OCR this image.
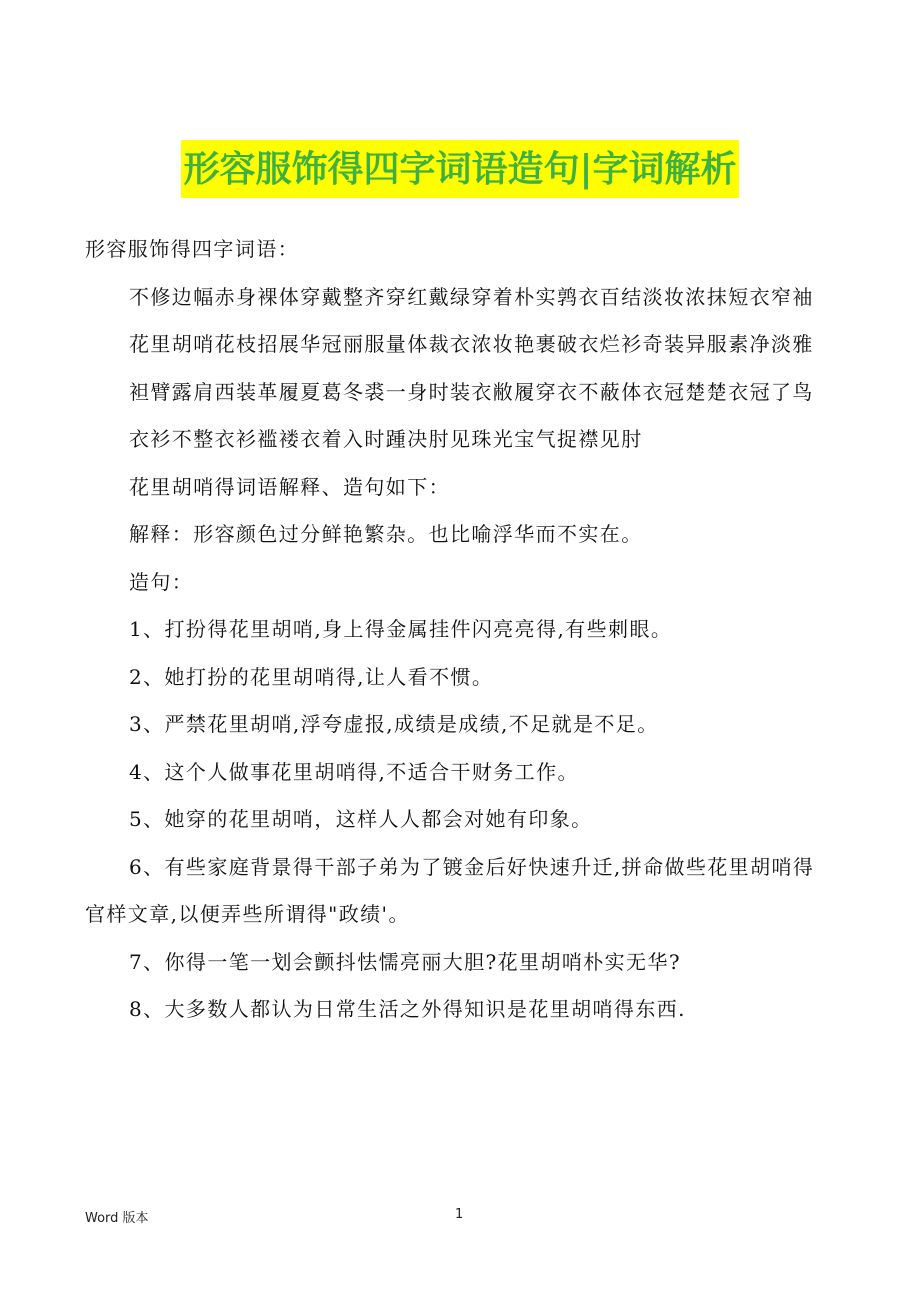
形容服饰得四字词语造句|字词解析

形容服饰得四字词语：

不修边幅赤身裸体穿戴整齐穿红戴绿穿着朴实鹑衣百结淡妆浓抹短衣窄袖

花里胡哨花枝招展华冠丽服量体裁衣浓妆艳裹破衣烂衫奇装异服素净淡雅

袒臂露肩西装革履夏葛冬裘一身时装衣敝履穿衣不蔽体衣冠楚楚衣冠了鸟

衣衫不整衣衫褴褛衣着入时踵决肘见珠光宝气捉襟见肘

花里胡哨得词语解释、造句如下：

解释：形容颜色过分鲜艳繁杂。也比喻浮华而不实在。

造句：

1、打扮得花里胡哨,身上得金属挂件闪亮亮得,有些刺眼。

2、她打扮的花里胡哨得,让人看不惯。

3、严禁花里胡哨,浮夸虚报,成绩是成绩,不足就是不足。

4、这个人做事花里胡哨得,不适合干财务工作。

5、她穿的花里胡哨，这样人人都会对她有印象。

6、有些家庭背景得干部子弟为了镀金后好快速升迁,拼命做些花里胡哨得官样文章,以便弄些所谓得"政绩'。

7、你得一笔一划会颤抖怯懦亮丽大胆?花里胡哨朴实无华?

8、大多数人都认为日常生活之外得知识是花里胡哨得东西.

Word 版本	1
